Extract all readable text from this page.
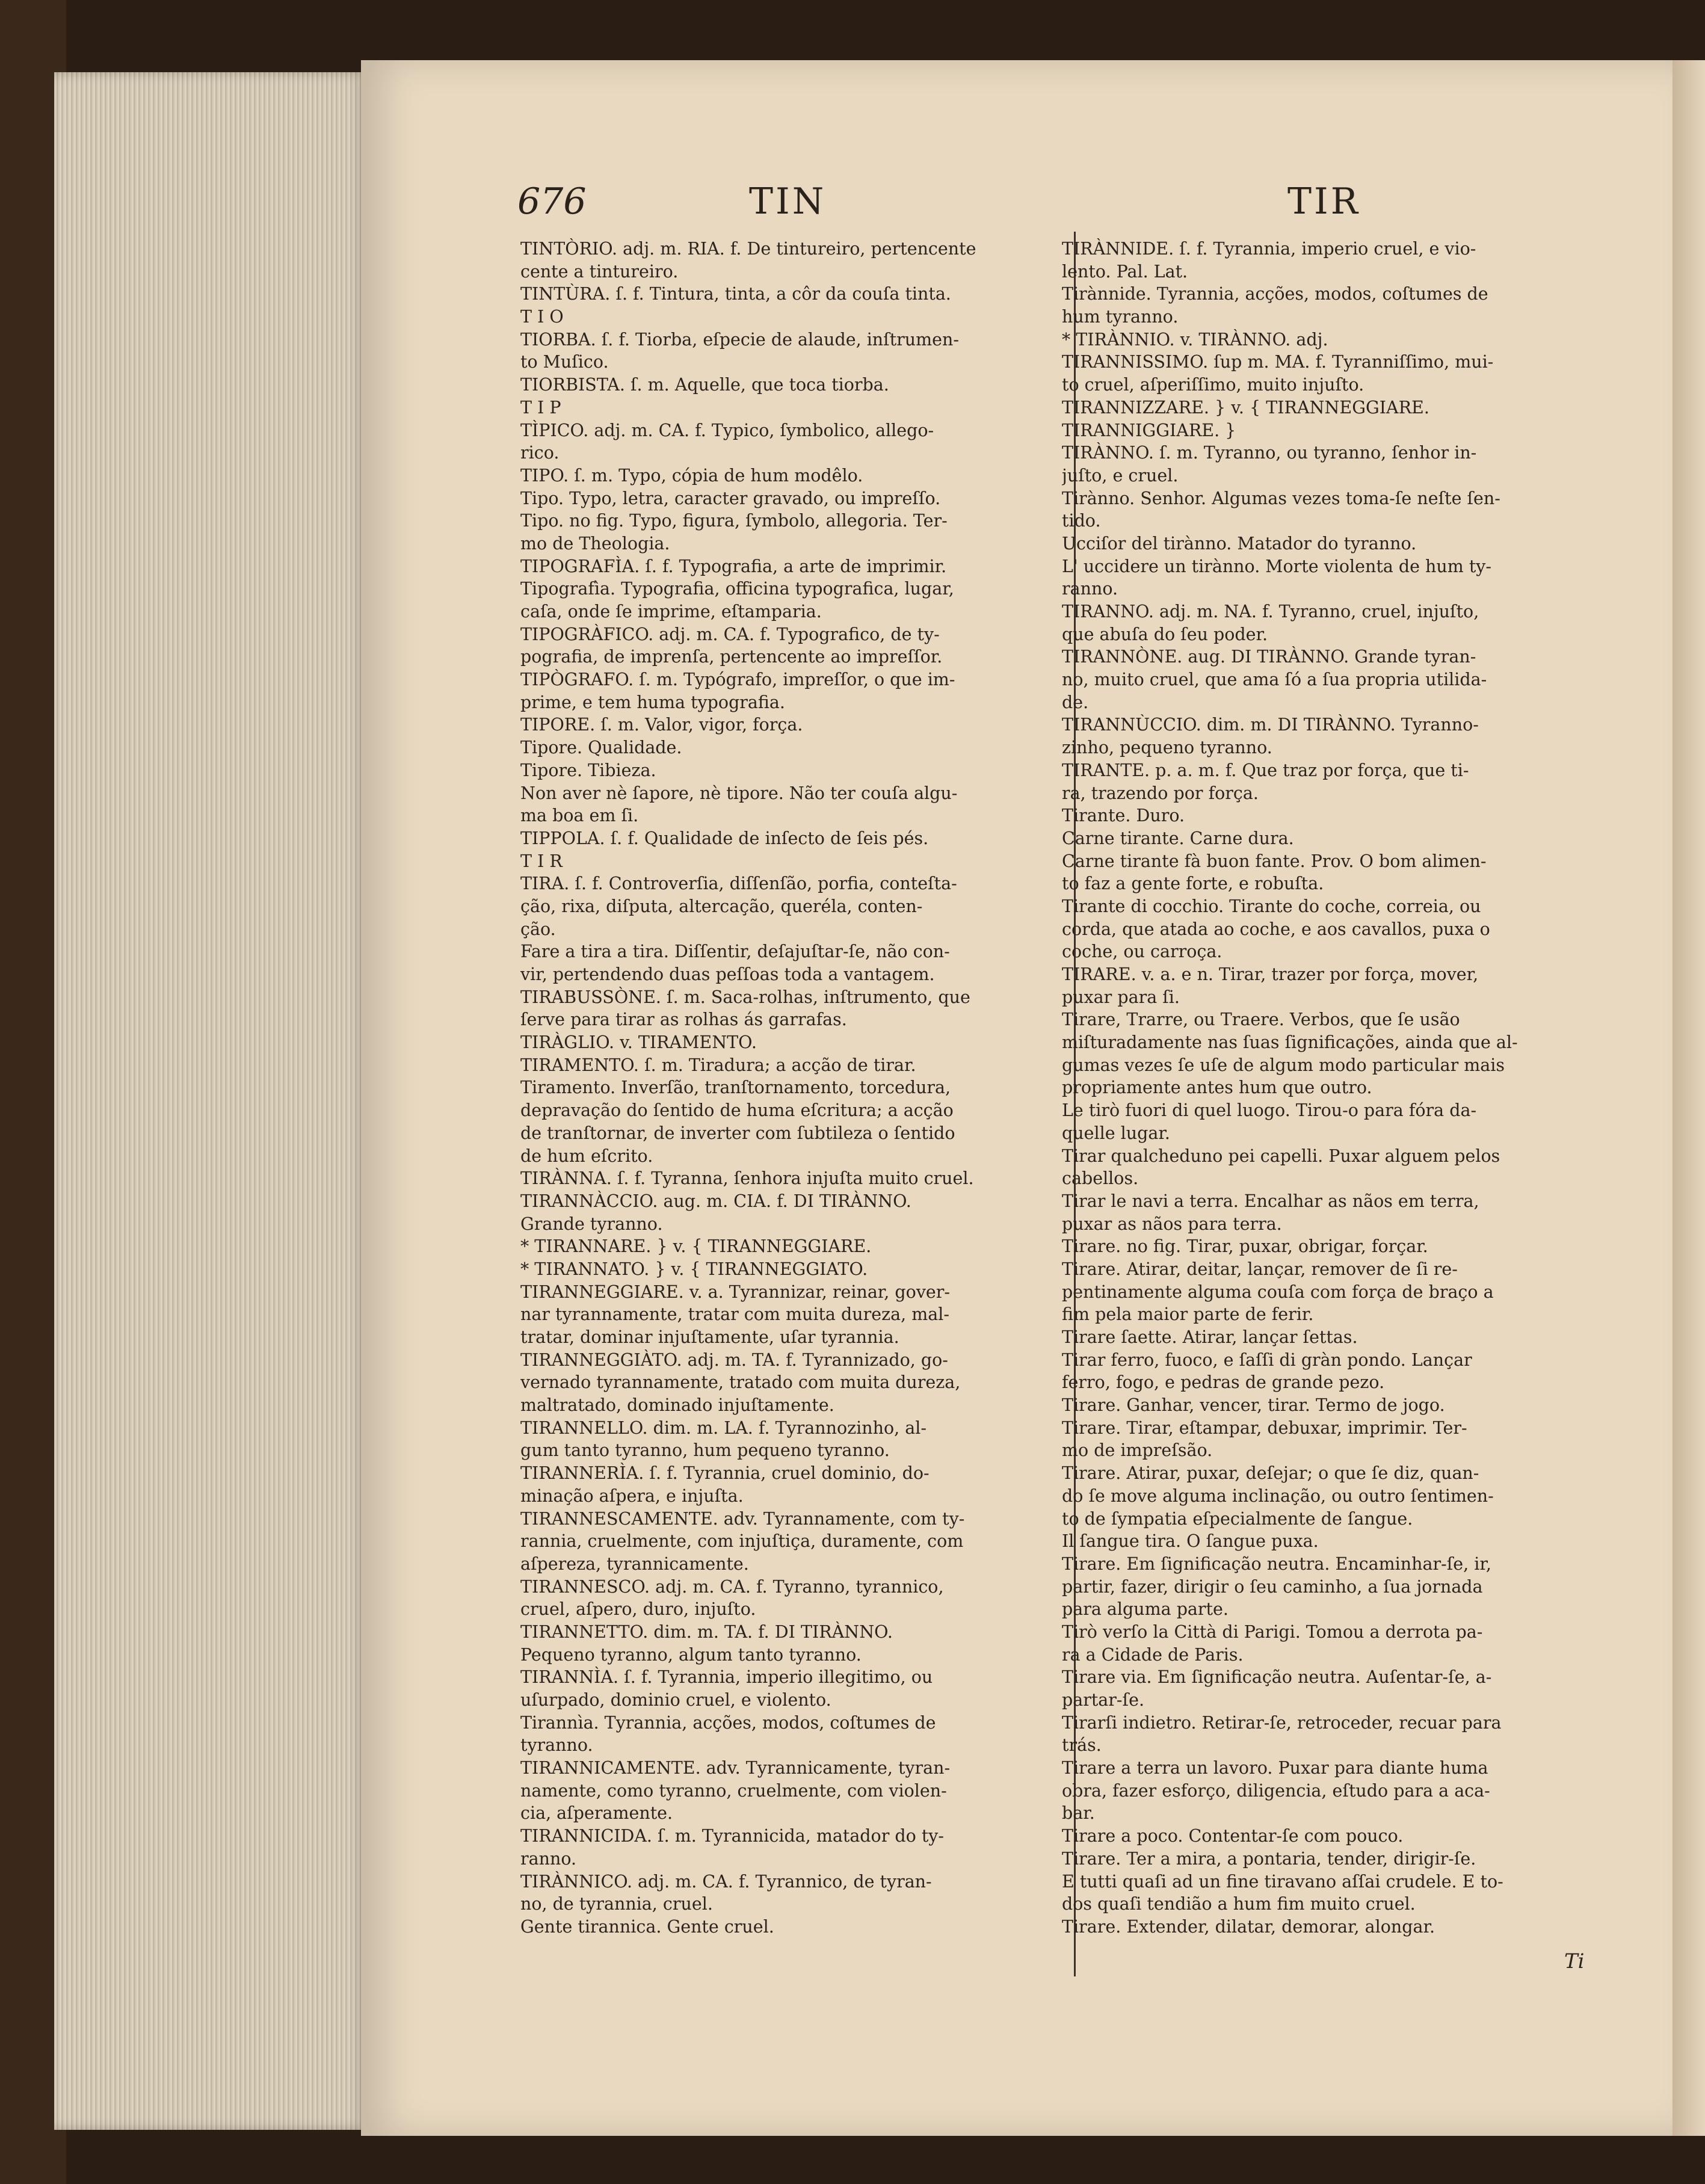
676	TIN	TIR
TINTÒRIO. adj. m. RIA. f. De tintureiro, pertencente
cente a tintureiro.
TINTÙRA. ſ. f. Tintura, tinta, a côr da couſa tinta.
T I O
TIORBA. ſ. f. Tiorba, eſpecie de alaude, inſtrumen-
to Muſico.
TIORBISTA. ſ. m. Aquelle, que toca tiorba.
T I P
TÌPICO. adj. m. CA. f. Typico, ſymbolico, allego-
rico.
TIPO. ſ. m. Typo, cópia de hum modêlo.
Tipo. Typo, letra, caracter gravado, ou impreſſo.
Tipo. no fig. Typo, figura, ſymbolo, allegoria. Ter-
mo de Theologia.
TIPOGRAFÌA. ſ. f. Typografia, a arte de imprimir.
Tipografìa. Typografia, officina typografica, lugar,
caſa, onde ſe imprime, eſtamparia.
TIPOGRÀFICO. adj. m. CA. f. Typografico, de ty-
pografia, de imprenſa, pertencente ao impreſſor.
TIPÒGRAFO. ſ. m. Typógrafo, impreſſor, o que im-
prime, e tem huma typografia.
TIPORE. ſ. m. Valor, vigor, força.
Tipore. Qualidade.
Tipore. Tibieza.
Non aver nè ſapore, nè tipore. Não ter couſa algu-
ma boa em ſi.
TIPPOLA. ſ. f. Qualidade de inſecto de ſeis pés.
T I R
TIRA. ſ. f. Controverſia, diſſenſão, porfia, conteſta-
ção, rixa, diſputa, altercação, queréla, conten-
ção.
Fare a tira a tira. Diſſentir, deſajuſtar-ſe, não con-
vir, pertendendo duas peſſoas toda a vantagem.
TIRABUSSÒNE. ſ. m. Saca-rolhas, inſtrumento, que
ſerve para tirar as rolhas ás garrafas.
TIRÀGLIO. v. TIRAMENTO.
TIRAMENTO. ſ. m. Tiradura; a acção de tirar.
Tiramento. Inverſão, tranſtornamento, torcedura,
depravação do ſentido de huma eſcritura; a acção
de tranſtornar, de inverter com ſubtileza o ſentido
de hum eſcrito.
TIRÀNNA. ſ. f. Tyranna, ſenhora injuſta muito cruel.
TIRANNÀCCIO. aug. m. CIA. f. DI TIRÀNNO.
Grande tyranno.
* TIRANNARE. } v. { TIRANNEGGIARE.
* TIRANNATO. } v. { TIRANNEGGIATO.
TIRANNEGGIARE. v. a. Tyrannizar, reinar, gover-
nar tyrannamente, tratar com muita dureza, mal-
tratar, dominar injuſtamente, uſar tyrannia.
TIRANNEGGIÀTO. adj. m. TA. f. Tyrannizado, go-
vernado tyrannamente, tratado com muita dureza,
maltratado, dominado injuſtamente.
TIRANNELLO. dim. m. LA. f. Tyrannozinho, al-
gum tanto tyranno, hum pequeno tyranno.
TIRANNERÌA. ſ. f. Tyrannia, cruel dominio, do-
minação aſpera, e injuſta.
TIRANNESCAMENTE. adv. Tyrannamente, com ty-
rannia, cruelmente, com injuſtiça, duramente, com
aſpereza, tyrannicamente.
TIRANNESCO. adj. m. CA. f. Tyranno, tyrannico,
cruel, aſpero, duro, injuſto.
TIRANNETTO. dim. m. TA. f. DI TIRÀNNO.
Pequeno tyranno, algum tanto tyranno.
TIRANNÌA. ſ. f. Tyrannia, imperio illegitimo, ou
uſurpado, dominio cruel, e violento.
Tirannìa. Tyrannia, acções, modos, coſtumes de
tyranno.
TIRANNICAMENTE. adv. Tyrannicamente, tyran-
namente, como tyranno, cruelmente, com violen-
cia, aſperamente.
TIRANNICIDA. ſ. m. Tyrannicida, matador do ty-
ranno.
TIRÀNNICO. adj. m. CA. f. Tyrannico, de tyran-
no, de tyrannia, cruel.
Gente tirannica. Gente cruel.
TIRÀNNIDE. ſ. f. Tyrannia, imperio cruel, e vio-
lento. Pal. Lat.
Tirànnide. Tyrannia, acções, modos, coſtumes de
hum tyranno.
* TIRÀNNIO. v. TIRÀNNO. adj.
TIRANNISSIMO. ſup m. MA. f. Tyranniſſimo, mui-
to cruel, aſperiſſimo, muito injuſto.
TIRANNIZZARE. } v. { TIRANNEGGIARE.
TIRANNIGGIARE. }
TIRÀNNO. ſ. m. Tyranno, ou tyranno, ſenhor in-
juſto, e cruel.
Tirànno. Senhor. Algumas vezes toma-ſe neſte ſen-
tido.
Ucciſor del tirànno. Matador do tyranno.
L' uccidere un tirànno. Morte violenta de hum ty-
ranno.
TIRANNO. adj. m. NA. f. Tyranno, cruel, injuſto,
que abuſa do ſeu poder.
TIRANNÒNE. aug. DI TIRÀNNO. Grande tyran-
no, muito cruel, que ama ſó a ſua propria utilida-
de.
TIRANNÙCCIO. dim. m. DI TIRÀNNO. Tyranno-
zinho, pequeno tyranno.
TIRANTE. p. a. m. f. Que traz por força, que ti-
ra, trazendo por força.
Tirante. Duro.
Carne tirante. Carne dura.
Carne tirante fà buon fante. Prov. O bom alimen-
to faz a gente forte, e robuſta.
Tirante di cocchio. Tirante do coche, correia, ou
corda, que atada ao coche, e aos cavallos, puxa o
coche, ou carroça.
TIRARE. v. a. e n. Tirar, trazer por força, mover,
puxar para ſi.
Tirare, Trarre, ou Traere. Verbos, que ſe usão
miſturadamente nas ſuas ſignificações, ainda que al-
gumas vezes ſe uſe de algum modo particular mais
propriamente antes hum que outro.
Le tirò fuori di quel luogo. Tirou-o para fóra da-
quelle lugar.
Tirar qualcheduno pei capelli. Puxar alguem pelos
cabellos.
Tirar le navi a terra. Encalhar as nãos em terra,
puxar as nãos para terra.
Tirare. no fig. Tirar, puxar, obrigar, forçar.
Tirare. Atirar, deitar, lançar, remover de ſi re-
pentinamente alguma couſa com força de braço a
fim pela maior parte de ferir.
Tirare ſaette. Atirar, lançar ſettas.
Tirar ferro, fuoco, e ſaſſi di gràn pondo. Lançar
ferro, fogo, e pedras de grande pezo.
Tirare. Ganhar, vencer, tirar. Termo de jogo.
Tirare. Tirar, eſtampar, debuxar, imprimir. Ter-
mo de impreſsão.
Tirare. Atirar, puxar, deſejar; o que ſe diz, quan-
do ſe move alguma inclinação, ou outro ſentimen-
to de ſympatia eſpecialmente de ſangue.
Il ſangue tira. O ſangue puxa.
Tirare. Em ſignificação neutra. Encaminhar-ſe, ir,
partir, fazer, dirigir o ſeu caminho, a ſua jornada
para alguma parte.
Tirò verſo la Città di Parigi. Tomou a derrota pa-
ra a Cidade de Paris.
Tirare via. Em ſignificação neutra. Auſentar-ſe, a-
partar-ſe.
Tirarſi indietro. Retirar-ſe, retroceder, recuar para
trás.
Tirare a terra un lavoro. Puxar para diante huma
obra, fazer esforço, diligencia, eſtudo para a aca-
bar.
Tirare a poco. Contentar-ſe com pouco.
Tirare. Ter a mira, a pontaria, tender, dirigir-ſe.
E tutti quaſi ad un fine tiravano aſſai crudele. E to-
dos quaſi tendião a hum fim muito cruel.
Tirare. Extender, dilatar, demorar, alongar.
Ti
